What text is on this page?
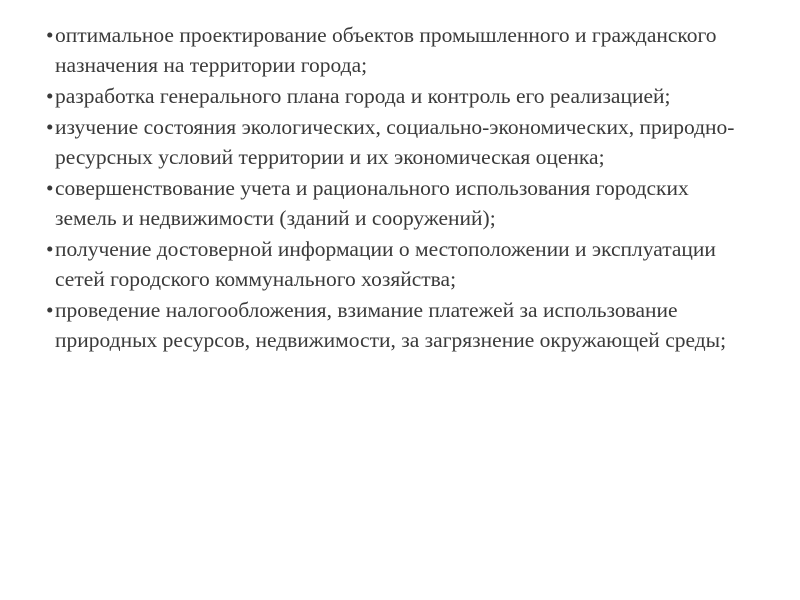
• оптимальное проектирование объектов промышленного и гражданского назначения на территории города;
• разработка генерального плана города и контроль его реализацией;
• изучение состояния экологических, социально-экономических, природно-ресурсных условий территории и их экономическая оценка;
• совершенствование учета и рационального использования городских земель и недвижимости (зданий и сооружений);
• получение достоверной информации о местоположении и эксплуатации сетей городского коммунального хозяйства;
• проведение налогообложения, взимание платежей за использование природных ресурсов, недвижимости, за загрязнение окружающей среды;
